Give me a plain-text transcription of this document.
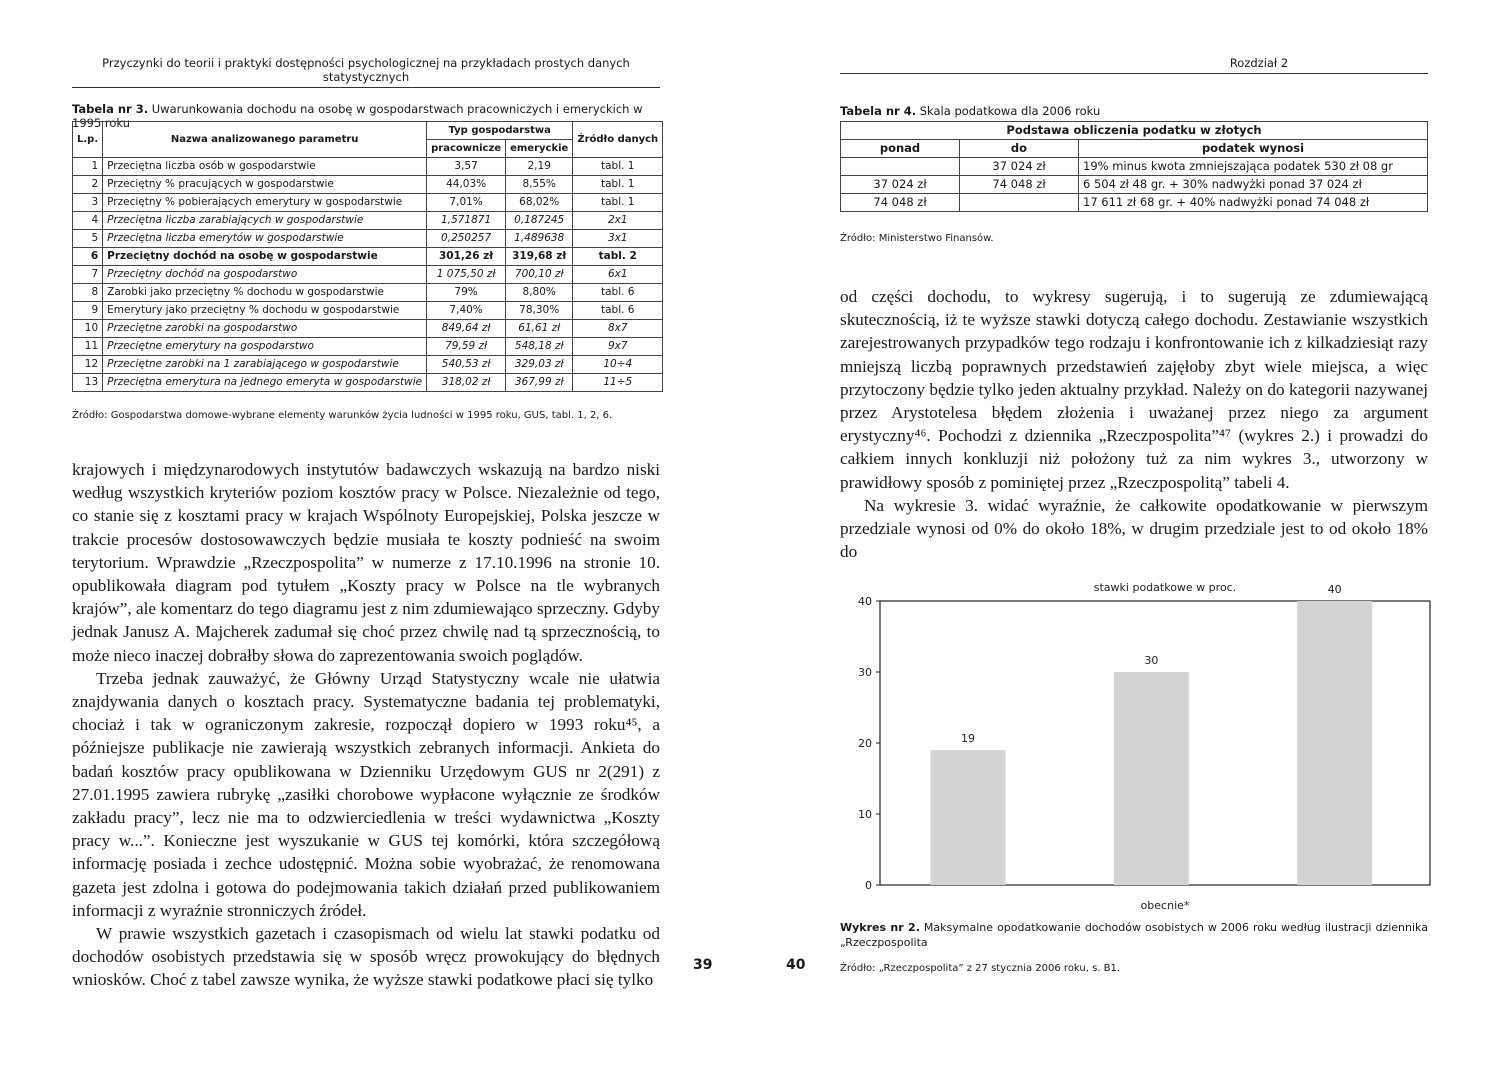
Przyczynki do teorii i praktyki dostępności psychologicznej na przykładach prostych danych statystycznych
Tabela nr 3. Uwarunkowania dochodu na osobę w gospodarstwach pracowniczych i emeryckich w 1995 roku
L.p.	Nazwa analizowanego parametru	Typ gospodarstwa		Źródło danych
		pracownicze	emeryckie	
1	Przeciętna liczba osób w gospodarstwie	3,57	2,19	tabl. 1
2	Przeciętny % pracujących w gospodarstwie	44,03%	8,55%	tabl. 1
3	Przeciętny % pobierających emerytury w gospodarstwie	7,01%	68,02%	tabl. 1
4	Przeciętna liczba zarabiających w gospodarstwie	1,571871	0,187245	2x1
5	Przeciętna liczba emerytów w gospodarstwie	0,250257	1,489638	3x1
6	Przeciętny dochód na osobę w gospodarstwie	301,26 zł	319,68 zł	tabl. 2
7	Przeciętny dochód na gospodarstwo	1 075,50 zł	700,10 zł	6x1
8	Zarobki jako przeciętny % dochodu w gospodarstwie	79%	8,80%	tabl. 6
9	Emerytury jako przeciętny % dochodu w gospodarstwie	7,40%	78,30%	tabl. 6
10	Przeciętne zarobki na gospodarstwo	849,64 zł	61,61 zł	8x7
11	Przeciętne emerytury na gospodarstwo	79,59 zł	548,18 zł	9x7
12	Przeciętne zarobki na 1 zarabiającego w gospodarstwie	540,53 zł	329,03 zł	10÷4
13	Przeciętna emerytura na jednego emeryta w gospodarstwie	318,02 zł	367,99 zł	11÷5
Źródło: Gospodarstwa domowe-wybrane elementy warunków życia ludności w 1995 roku, GUS, tabl. 1, 2, 6.

krajowych i międzynarodowych instytutów badawczych wskazują na bardzo niski według wszystkich kryteriów poziom kosztów pracy w Polsce. Niezależnie od tego, co stanie się z kosztami pracy w krajach Wspólnoty Europejskiej, Polska jeszcze w trakcie procesów dostosowawczych będzie musiała te koszty podnieść na swoim terytorium. Wprawdzie „Rzeczpospolita” w numerze z 17.10.1996 na stronie 10. opublikowała diagram pod tytułem „Koszty pracy w Polsce na tle wybranych krajów”, ale komentarz do tego diagramu jest z nim zdumiewająco sprzeczny. Gdyby jednak Janusz A. Majcherek zadumał się choć przez chwilę nad tą sprzecznością, to może nieco inaczej dobrałby słowa do zaprezentowania swoich poglądów.

Trzeba jednak zauważyć, że Główny Urząd Statystyczny wcale nie ułatwia znajdywania danych o kosztach pracy. Systematyczne badania tej problematyki, chociaż i tak w ograniczonym zakresie, rozpoczął dopiero w 1993 roku⁴⁵, a późniejsze publikacje nie zawierają wszystkich zebranych informacji. Ankieta do badań kosztów pracy opublikowana w Dzienniku Urzędowym GUS nr 2(291) z 27.01.1995 zawiera rubrykę „zasiłki chorobowe wypłacone wyłącznie ze środków zakładu pracy”, lecz nie ma to odzwierciedlenia w treści wydawnictwa „Koszty pracy w...”. Konieczne jest wyszukanie w GUS tej komórki, która szczegółową informację posiada i zechce udostępnić. Można sobie wyobrażać, że renomowana gazeta jest zdolna i gotowa do podejmowania takich działań przed publikowaniem informacji z wyraźnie stronniczych źródeł.

W prawie wszystkich gazetach i czasopismach od wielu lat stawki podatku od dochodów osobistych przedstawia się w sposób wręcz prowokujący do błędnych wniosków. Choć z tabel zawsze wynika, że wyższe stawki podatkowe płaci się tylko

39
Rozdział 2
Tabela nr 4. Skala podatkowa dla 2006 roku
Podstawa obliczenia podatku w złotych		
ponad	do	podatek wynosi
	37 024 zł	19% minus kwota zmniejszająca podatek 530 zł 08 gr
37 024 zł	74 048 zł	6 504 zł 48 gr. + 30% nadwyżki ponad 37 024 zł
74 048 zł		17 611 zł 68 gr. + 40% nadwyżki ponad 74 048 zł
Źródło: Ministerstwo Finansów.

od części dochodu, to wykresy sugerują, i to sugerują ze zdumiewającą skutecznością, iż te wyższe stawki dotyczą całego dochodu. Zestawianie wszystkich zarejestrowanych przypadków tego rodzaju i konfrontowanie ich z kilkadziesiąt razy mniejszą liczbą poprawnych przedstawień zajęłoby zbyt wiele miejsca, a więc przytoczony będzie tylko jeden aktualny przykład. Należy on do kategorii nazywanej przez Arystotelesa błędem złożenia i uważanej przez niego za argument erystyczny⁴⁶. Pochodzi z dziennika „Rzeczpospolita”⁴⁷ (wykres 2.) i prowadzi do całkiem innych konkluzji niż położony tuż za nim wykres 3., utworzony w prawidłowy sposób z pominiętej przez „Rzeczpospolitą” tabeli 4.

Na wykresie 3. widać wyraźnie, że całkowite opodatkowanie w pierwszym przedziale wynosi od 0% do około 18%, w drugim przedziale jest to od około 18% do

stawki podatkowe w proc.
0
10
20
30
40
19
30
40
obecnie*
Wykres nr 2. Maksymalne opodatkowanie dochodów osobistych w 2006 roku według ilustracji dziennika „Rzeczpospolita
Źródło: „Rzeczpospolita” z 27 stycznia 2006 roku, s. B1.
40
